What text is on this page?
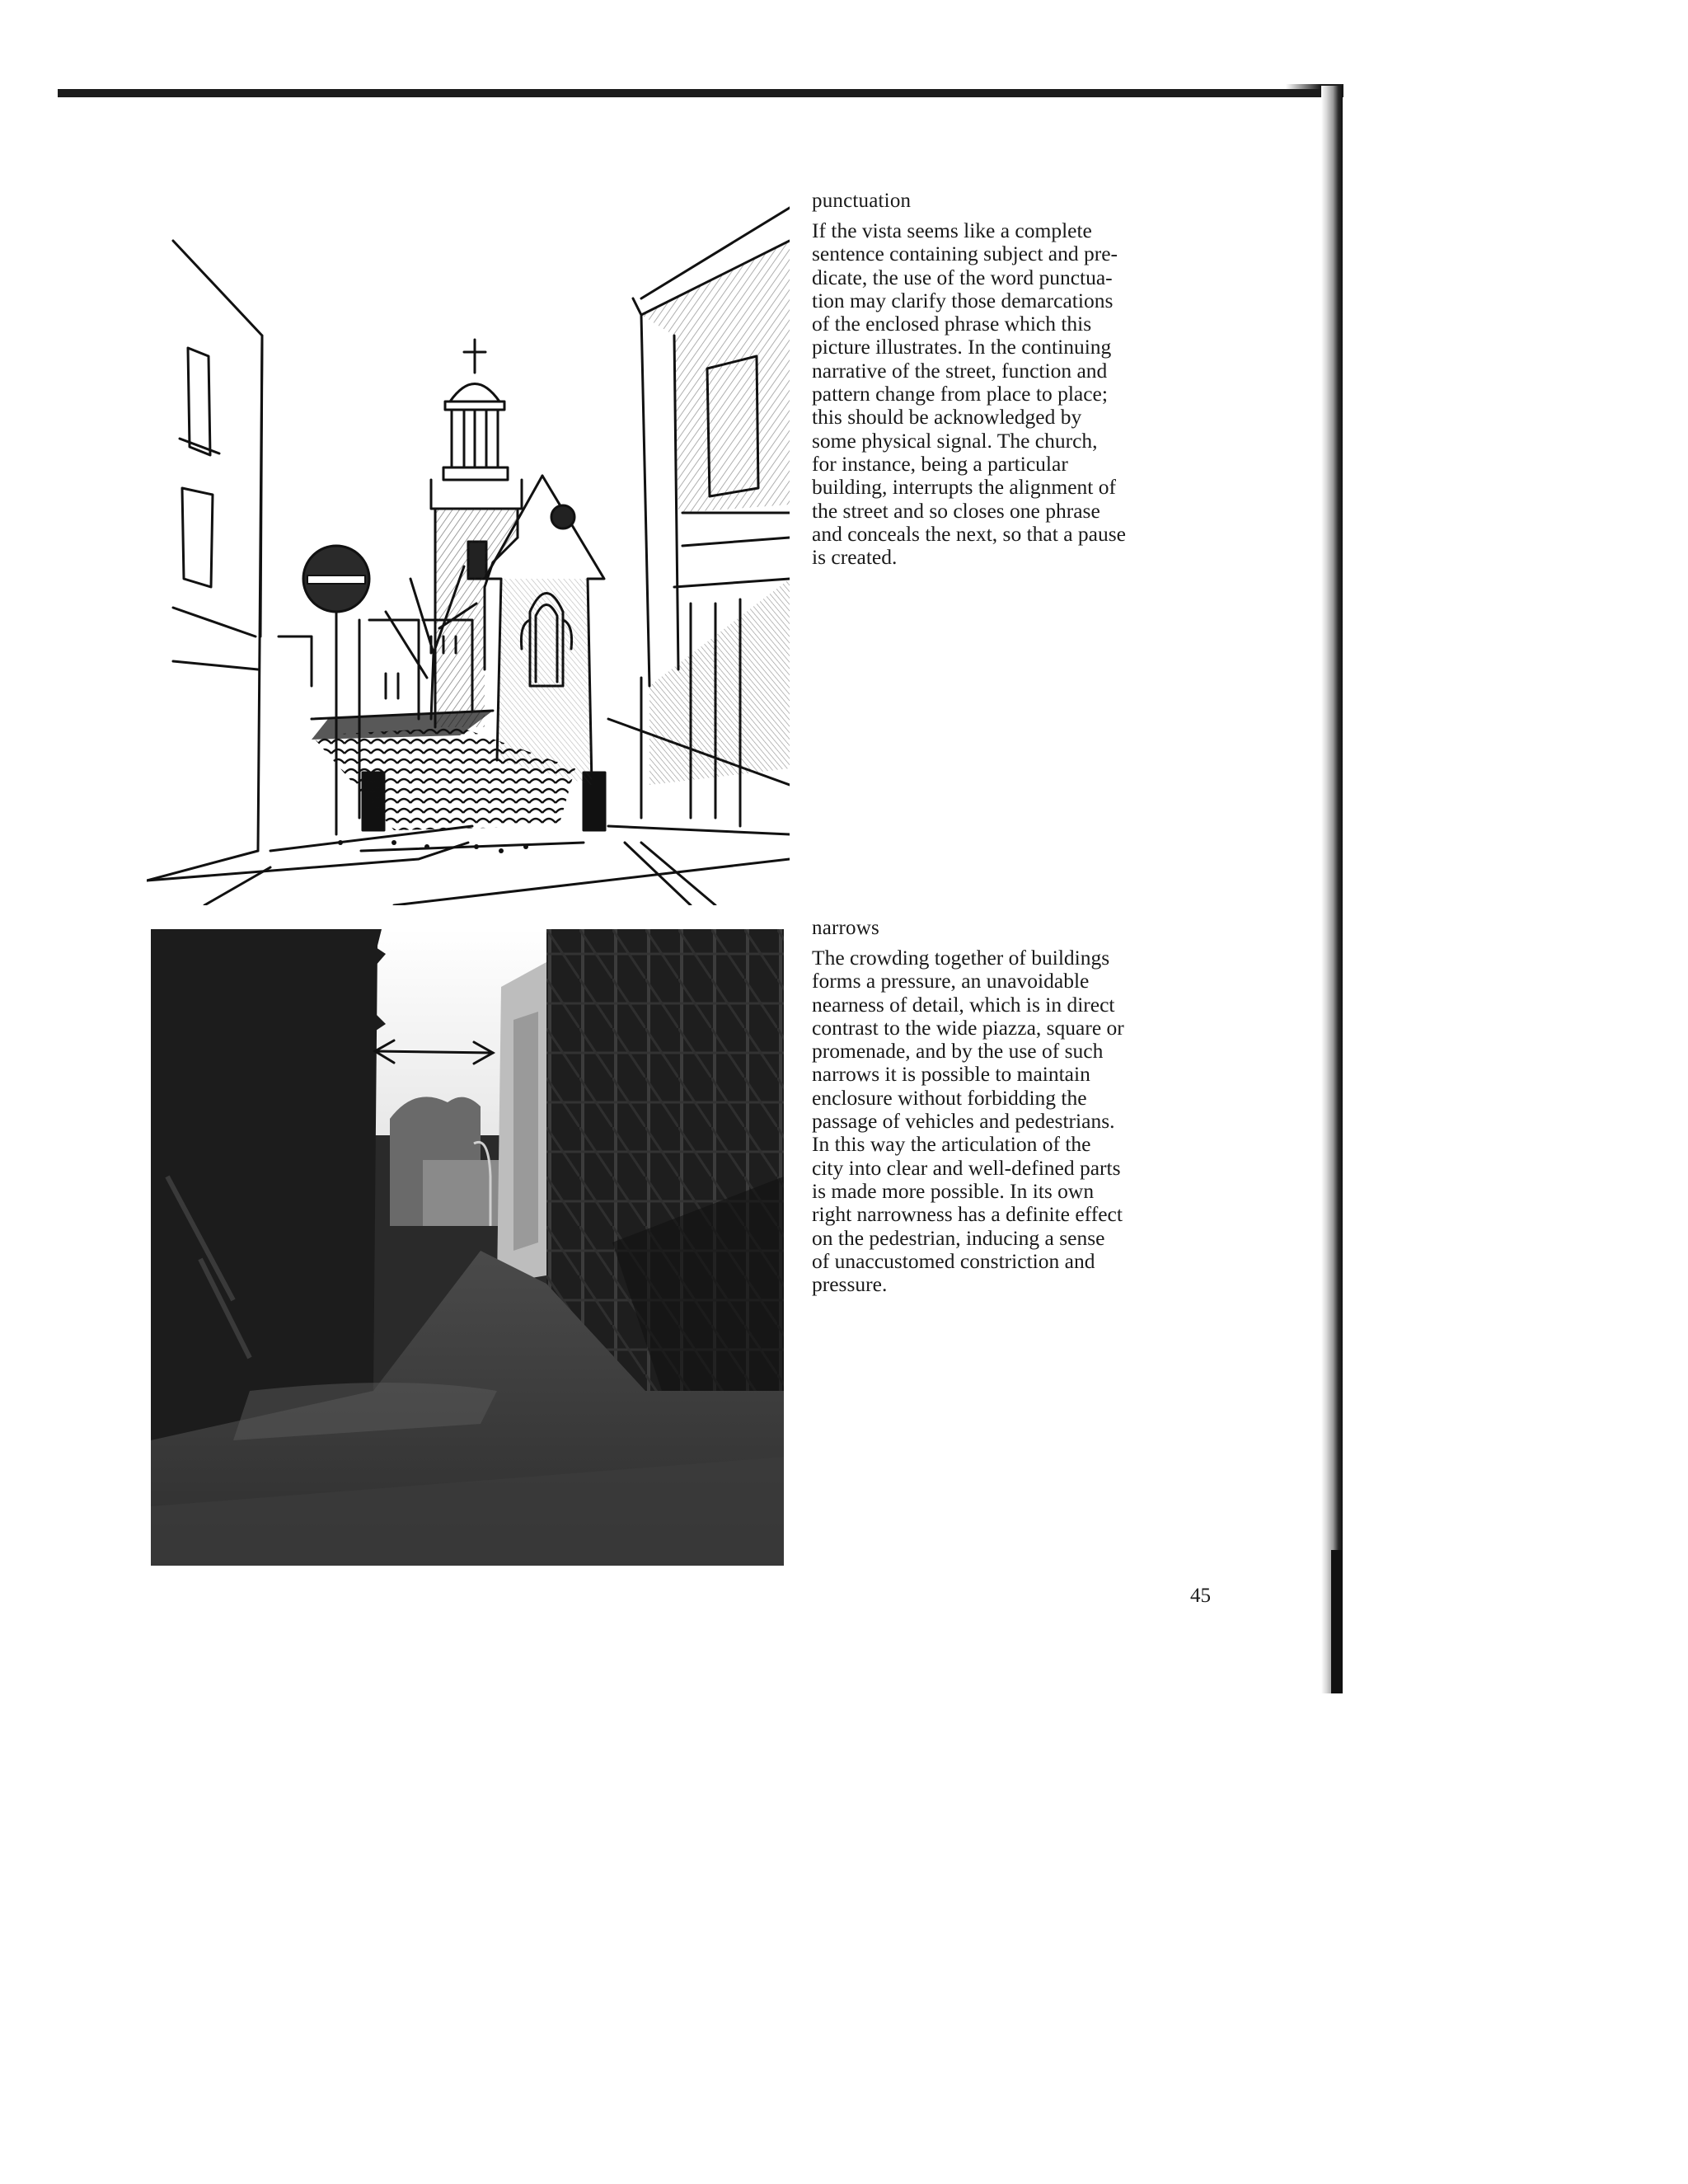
punctuation
If the vista seems like a complete
sentence containing subject and pre-
dicate, the use of the word punctua-
tion may clarify those demarcations
of the enclosed phrase which this
picture illustrates. In the continuing
narrative of the street, function and
pattern change from place to place;
this should be acknowledged by
some physical signal. The church,
for instance, being a particular
building, interrupts the alignment of
the street and so closes one phrase
and conceals the next, so that a pause
is created.
narrows
The crowding together of buildings
forms a pressure, an unavoidable
nearness of detail, which is in direct
contrast to the wide piazza, square or
promenade, and by the use of such
narrows it is possible to maintain
enclosure without forbidding the
passage of vehicles and pedestrians.
In this way the articulation of the
city into clear and well-defined parts
is made more possible. In its own
right narrowness has a definite effect
on the pedestrian, inducing a sense
of unaccustomed constriction and
pressure.
45
